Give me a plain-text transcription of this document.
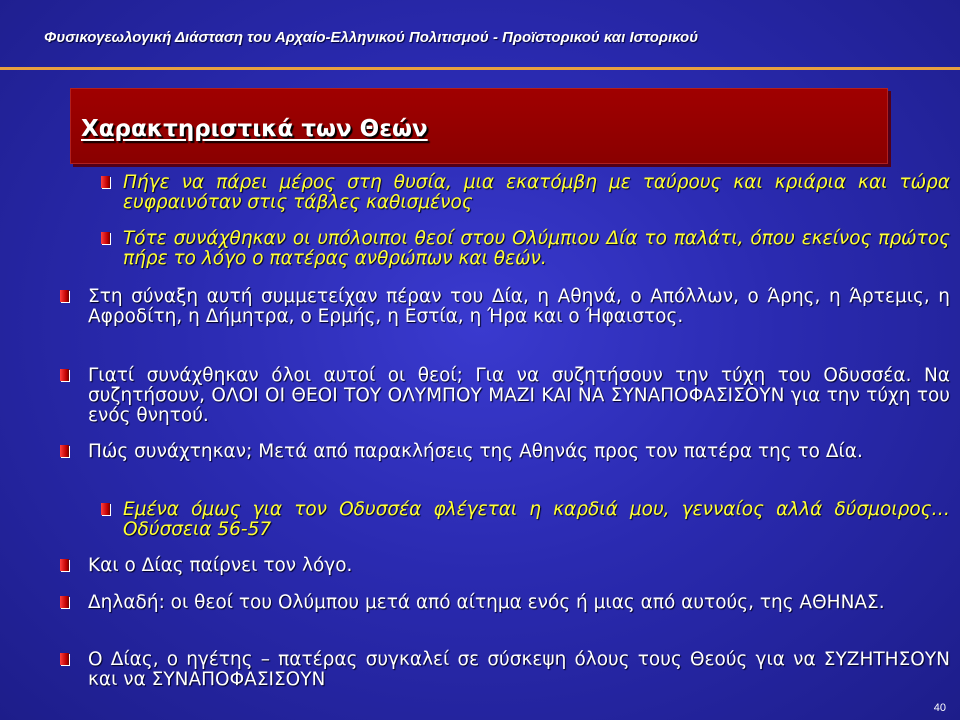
Φυσικογεωλογική Διάσταση του Αρχαίο-Ελληνικού Πολιτισμού - Προϊστορικού και Ιστορικού
Χαρακτηριστικά των Θεών
Πήγε να πάρει μέρος στη θυσία, μια εκατόμβη με ταύρους και κριάρια και τώρα ευφραινόταν στις τάβλες καθισμένος
Τότε συνάχθηκαν οι υπόλοιποι θεοί στου Ολύμπιου Δία το παλάτι, όπου εκείνος πρώτος πήρε το λόγο ο πατέρας ανθρώπων και θεών.
Στη σύναξη αυτή συμμετείχαν πέραν του Δία, η Αθηνά, ο Απόλλων, ο Άρης, η Άρτεμις, η Αφροδίτη, η Δήμητρα, ο Ερμής, η Εστία, η Ήρα και ο Ήφαιστος.
Γιατί συνάχθηκαν όλοι αυτοί οι θεοί; Για να συζητήσουν την τύχη του Οδυσσέα. Να συζητήσουν, ΟΛΟΙ ΟΙ ΘΕΟΙ ΤΟΥ ΟΛΥΜΠΟΥ ΜΑΖΙ ΚΑΙ ΝΑ ΣΥΝΑΠΟΦΑΣΙΣΟΥΝ για την τύχη του ενός θνητού.
Πώς συνάχτηκαν; Μετά από παρακλήσεις της Αθηνάς προς τον πατέρα της το Δία.
Εμένα όμως για τον Οδυσσέα φλέγεται η καρδιά μου, γενναίος αλλά δύσμοιρος… Οδύσσεια 56-57
Και ο Δίας παίρνει τον λόγο.
Δηλαδή: οι θεοί του Ολύμπου μετά από αίτημα ενός ή μιας από αυτούς, της ΑΘΗΝΑΣ.
Ο Δίας, ο ηγέτης – πατέρας συγκαλεί σε σύσκεψη όλους τους Θεούς για να ΣΥΖΗΤΗΣΟΥΝ και να ΣΥΝΑΠΟΦΑΣΙΣΟΥΝ
40
